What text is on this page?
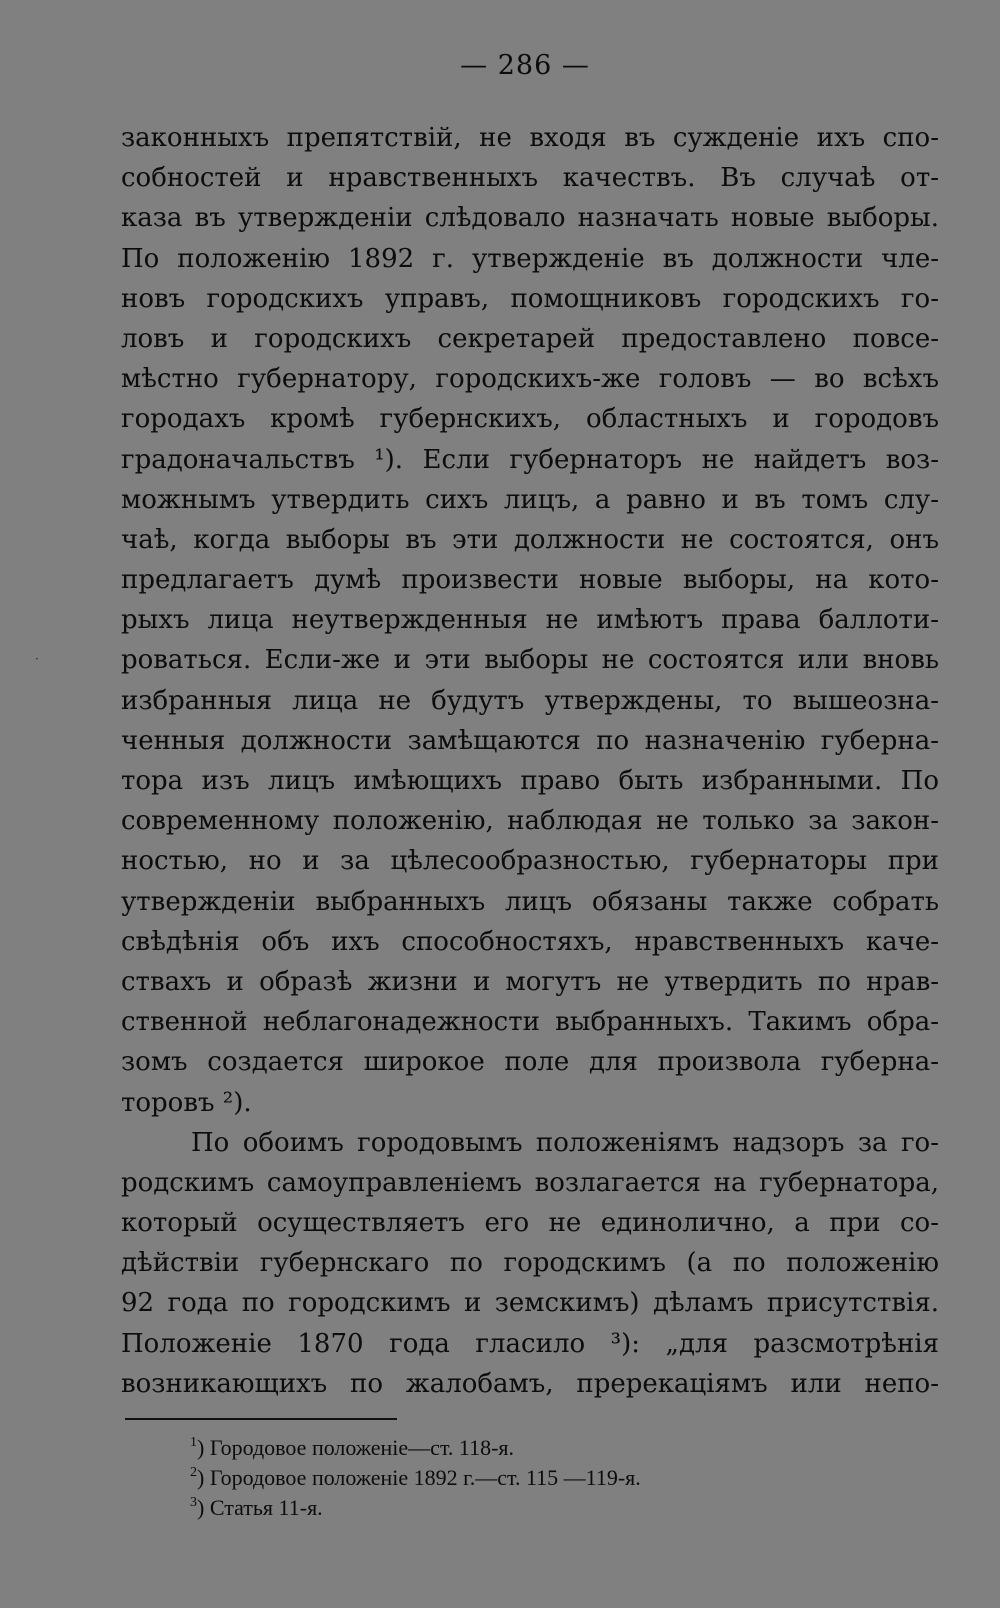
— 286 —
·
законныхъ препятствій, не входя въ сужденіе ихъ спо-
собностей и нравственныхъ качествъ. Въ случаѣ от-
каза въ утвержденіи слѣдовало назначать новые выборы.
По положенію 1892 г. утвержденіе въ должности чле-
новъ городскихъ управъ, помощниковъ городскихъ го-
ловъ и городскихъ секретарей предоставлено повсе-
мѣстно губернатору, городскихъ-же головъ — во всѣхъ
городахъ кромѣ губернскихъ, областныхъ и городовъ
градоначальствъ ¹). Если губернаторъ не найдетъ воз-
можнымъ утвердить сихъ лицъ, а равно и въ томъ слу-
чаѣ, когда выборы въ эти должности не состоятся, онъ
предлагаетъ думѣ произвести новые выборы, на кото-
рыхъ лица неутвержденныя не имѣютъ права баллоти-
роваться. Если-же и эти выборы не состоятся или вновь
избранныя лица не будутъ утверждены, то вышеозна-
ченныя должности замѣщаются по назначенію губерна-
тора изъ лицъ имѣющихъ право быть избранными. По
современному положенію, наблюдая не только за закон-
ностью, но и за цѣлесообразностью, губернаторы при
утвержденіи выбранныхъ лицъ обязаны также собрать
свѣдѣнія объ ихъ способностяхъ, нравственныхъ каче-
ствахъ и образѣ жизни и могутъ не утвердить по нрав-
ственной неблагонадежности выбранныхъ. Такимъ обра-
зомъ создается широкое поле для произвола губерна-
торовъ ²).
По обоимъ городовымъ положеніямъ надзоръ за го-
родскимъ самоуправленіемъ возлагается на губернатора,
который осуществляетъ его не единолично, а при со-
дѣйствіи губернскаго по городскимъ (а по положенію
92 года по городскимъ и земскимъ) дѣламъ присутствія.
Положеніе 1870 года гласило ³): „для разсмотрѣнія
возникающихъ по жалобамъ, пререкаціямъ или непо-
$^1$) Городовое положеніе—ст. 118-я.
$^2$) Городовое положеніе 1892 г.—ст. 115 —119-я.
$^3$) Статья 11-я.
